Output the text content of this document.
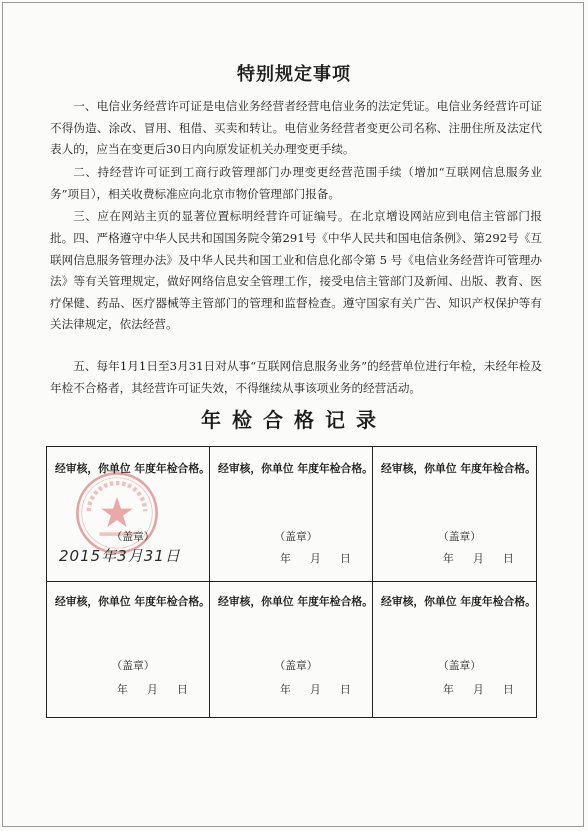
特别规定事项

一、电信业务经营许可证是电信业务经营者经营电信业务的法定凭证。电信业务经营许可证不得伪造、涂改、冒用、租借、买卖和转让。电信业务经营者变更公司名称、注册住所及法定代表人的，应当在变更后30日内向原发证机关办理变更手续。

二、持经营许可证到工商行政管理部门办理变更经营范围手续（增加“互联网信息服务业务”项目），相关收费标准应向北京市物价管理部门报备。

三、应在网站主页的显著位置标明经营许可证编号。在北京增设网站应到电信主管部门报批。 四、严格遵守中华人民共和国国务院令第291号《中华人民共和国电信条例》、第292号《互联网信息服务管理办法》及中华人民共和国工业和信息化部令第 5 号《电信业务经营许可管理办法》等有关管理规定，做好网络信息安全管理工作，接受电信主管部门及新闻、出版、教育、医疗保健、药品、医疗器械等主管部门的管理和监督检查。遵守国家有关广告、知识产权保护等有关法律规定，依法经营。

五、每年1月1日至3月31日对从事“互联网信息服务业务”的经营单位进行年检，未经年检及年检不合格者，其经营许可证失效，不得继续从事该项业务的经营活动。

年检合格记录
经审核，你单位 年度年检合格。
（盖章）
2015年3月31日
经审核，你单位 年度年检合格。
（盖章）
年 月 日
经审核，你单位 年度年检合格。
（盖章）
年 月 日
经审核，你单位 年度年检合格。
（盖章）
年 月 日
经审核，你单位 年度年检合格。
（盖章）
年 月 日
经审核，你单位 年度年检合格。
（盖章）
年 月 日
